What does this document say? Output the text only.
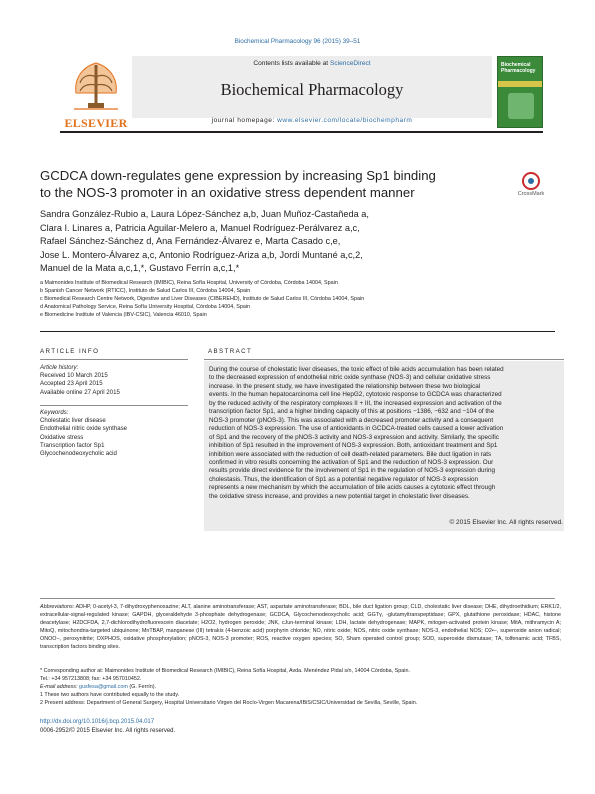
Biochemical Pharmacology 96 (2015) 39–51
ELSEVIER
Contents lists available at ScienceDirect
Biochemical Pharmacology
journal homepage: www.elsevier.com/locate/biochempharm
Biochemical Pharmacology
GCDCA down-regulates gene expression by increasing Sp1 binding
to the NOS-3 promoter in an oxidative stress dependent manner	CrossMark
Sandra González-Rubio a, Laura López-Sánchez a,b, Juan Muñoz-Castañeda a,
Clara I. Linares a, Patricia Aguilar-Melero a, Manuel Rodríguez-Perálvarez a,c,
Rafael Sánchez-Sánchez d, Ana Fernández-Álvarez e, Marta Casado c,e,
Jose L. Montero-Álvarez a,c, Antonio Rodríguez-Ariza a,b, Jordi Muntané a,c,2,
Manuel de la Mata a,c,1,*, Gustavo Ferrín a,c,1,*
a Maimonides Institute of Biomedical Research (IMIBIC), Reina Sofía Hospital, University of Córdoba, Córdoba 14004, Spain
b Spanish Cancer Network (RTICC), Instituto de Salud Carlos III, Córdoba 14004, Spain
c Biomedical Research Centre Network, Digestive and Liver Diseases (CIBEREHD), Instituto de Salud Carlos III, Córdoba 14004, Spain
d Anatomical Pathology Service, Reina Sofía University Hospital, Córdoba 14004, Spain
e Biomedicine Institute of Valencia (IBV-CSIC), Valencia 46010, Spain
ARTICLE INFO
Article history:
Received 10 March 2015
Accepted 23 April 2015
Available online 27 April 2015
Keywords:
Cholestatic liver disease
Endothelial nitric oxide synthase
Oxidative stress
Transcription factor Sp1
Glycochenodeoxycholic acid
ABSTRACT
During the course of cholestatic liver diseases, the toxic effect of bile acids accumulation has been related
to the decreased expression of endothelial nitric oxide synthase (NOS-3) and cellular oxidative stress
increase. In the present study, we have investigated the relationship between these two biological
events. In the human hepatocarcinoma cell line HepG2, cytotoxic response to GCDCA was characterized
by the reduced activity of the respiratory complexes II + III, the increased expression and activation of the
transcription factor Sp1, and a higher binding capacity of this at positions −1386, −632 and −104 of the
NOS-3 promoter (pNOS-3). This was associated with a decreased promoter activity and a consequent
reduction of NOS-3 expression. The use of antioxidants in GCDCA-treated cells caused a lower activation
of Sp1 and the recovery of the pNOS-3 activity and NOS-3 expression and activity. Similarly, the specific
inhibition of Sp1 resulted in the improvement of NOS-3 expression. Both, antioxidant treatment and Sp1
inhibition were associated with the reduction of cell death-related parameters. Bile duct ligation in rats
confirmed in vitro results concerning the activation of Sp1 and the reduction of NOS-3 expression. Our
results provide direct evidence for the involvement of Sp1 in the regulation of NOS-3 expression during
cholestasis. Thus, the identification of Sp1 as a potential negative regulator of NOS-3 expression
represents a new mechanism by which the accumulation of bile acids causes a cytotoxic effect through
the oxidative stress increase, and provides a new potential target in cholestatic liver diseases.
© 2015 Elsevier Inc. All rights reserved.
Abbreviations: ADHP, 0-acetyl-3, 7-dihydroxyphenoxazine; ALT, alanine aminotransferase; AST, aspartate aminotransferase; BDL, bile duct ligation group; CLD, cholestatic liver disease; DHE, dihydroethidium; ERK1/2, extracellular-signal-regulated kinase; GAPDH, glyceraldehyde 3-phosphate dehydrogenase; GCDCA, Glycochenodeoxycholic acid; GGTγ, -glutamyltranspeptidase; GPX, glutathione peroxidase; HDAC, histone deacetylase; H2DCFDA, 2,7-dichlorodihydrofluorescein diacetate; H2O2, hydrogen peroxide; JNK, cJun-terminal kinase; LDH, lactate dehydrogenase; MAPK, mitogen-activated protein kinase; MitA, mithramycin A; MitoQ, mitochondria-targeted ubiquinone; MnTBAP, manganese (III) tetrakis (4-benzoic acid) porphyrin chloride; NO, nitric oxide; NOS, nitric oxide synthase; NOS-3, endothelial NOS; O2•−, superoxide anion radical; ONOO−, peroxynitrite; OXPHOS, oxidative phosphorylation; pNOS-3, NOS-3 promoter; ROS, reactive oxygen species; SO, Sham operated control group; SOD, superoxide dismutase; TA, tolfenamic acid; TFBS, transcription factors binding sites.
* Corresponding author at: Maimonides Institute of Biomedical Research (IMIBIC), Reina Sofía Hospital, Avda. Menéndez Pidal s/n, 14004 Córdoba, Spain.
Tel.: +34 957213808; fax: +34 957010452.
E-mail address: gusfesa@gmail.com (G. Ferrín).
1 These two authors have contributed equally to the study.
2 Present address: Department of General Surgery, Hospital Universitario Virgen del Rocío-Virgen Macarena/IBiS/CSIC/Universidad de Sevilla, Seville, Spain.
http://dx.doi.org/10.1016/j.bcp.2015.04.017
0006-2952/© 2015 Elsevier Inc. All rights reserved.
